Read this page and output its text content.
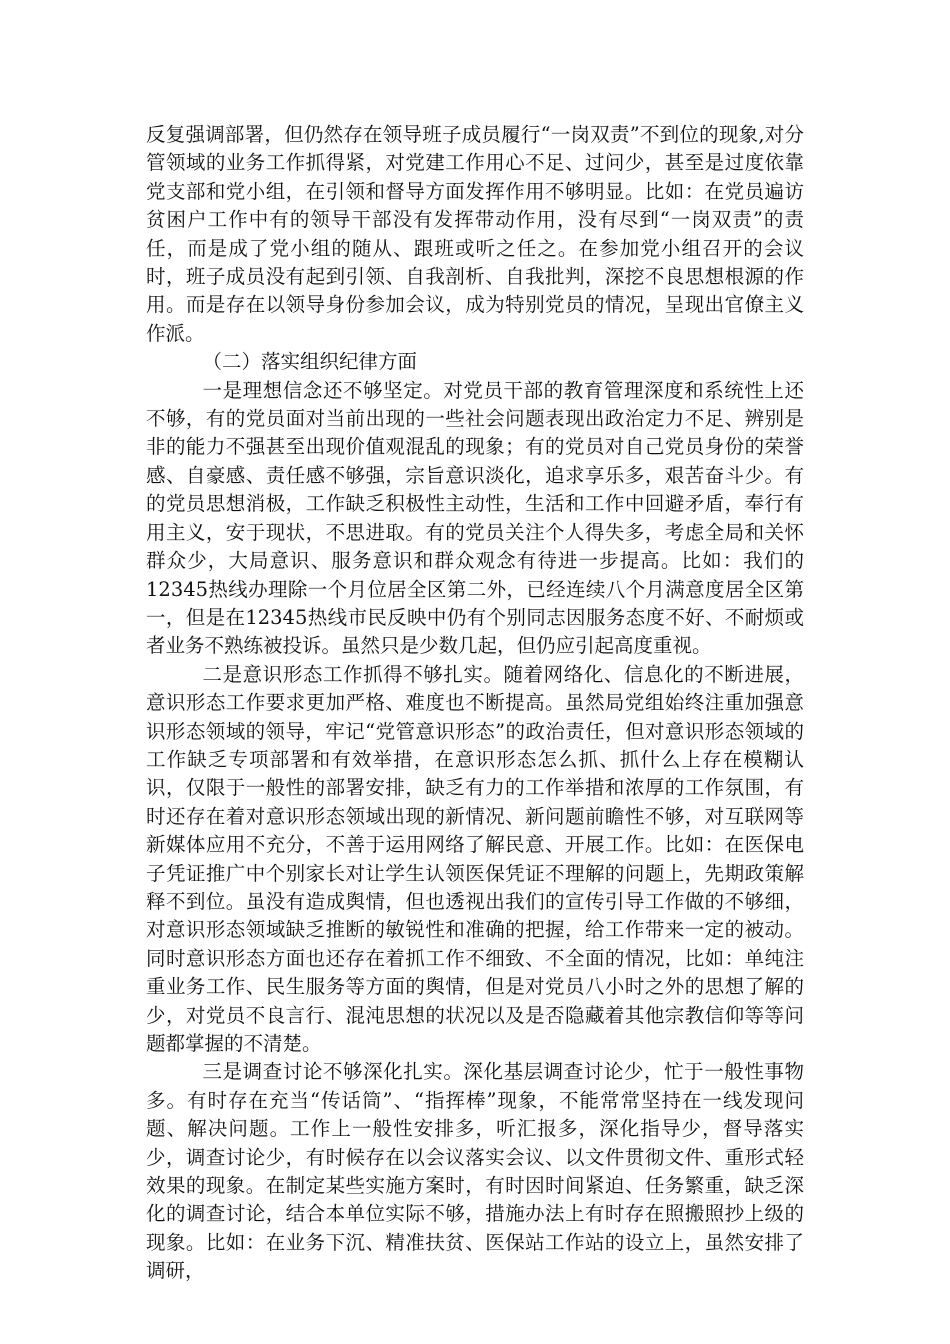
反复强调部署，但仍然存在领导班子成员履行“一岗双责”不到位的现象,对分管领域的业务工作抓得紧，对党建工作用心不足、过问少，甚至是过度依靠党支部和党小组，在引领和督导方面发挥作用不够明显。比如：在党员遍访贫困户工作中有的领导干部没有发挥带动作用，没有尽到“一岗双责”的责任，而是成了党小组的随从、跟班或听之任之。在参加党小组召开的会议时，班子成员没有起到引领、自我剖析、自我批判，深挖不良思想根源的作用。而是存在以领导身份参加会议，成为特别党员的情况，呈现出官僚主义作派。

（二）落实组织纪律方面

一是理想信念还不够坚定。对党员干部的教育管理深度和系统性上还不够，有的党员面对当前出现的一些社会问题表现出政治定力不足、辨别是非的能力不强甚至出现价值观混乱的现象；有的党员对自己党员身份的荣誉感、自豪感、责任感不够强，宗旨意识淡化，追求享乐多，艰苦奋斗少。有的党员思想消极，工作缺乏积极性主动性，生活和工作中回避矛盾，奉行有用主义，安于现状，不思进取。有的党员关注个人得失多，考虑全局和关怀群众少，大局意识、服务意识和群众观念有待进一步提高。比如：我们的12345热线办理除一个月位居全区第二外，已经连续八个月满意度居全区第一，但是在12345热线市民反映中仍有个别同志因服务态度不好、不耐烦或者业务不熟练被投诉。虽然只是少数几起，但仍应引起高度重视。

二是意识形态工作抓得不够扎实。随着网络化、信息化的不断进展，意识形态工作要求更加严格、难度也不断提高。虽然局党组始终注重加强意识形态领域的领导，牢记“党管意识形态”的政治责任，但对意识形态领域的工作缺乏专项部署和有效举措，在意识形态怎么抓、抓什么上存在模糊认识，仅限于一般性的部署安排，缺乏有力的工作举措和浓厚的工作氛围，有时还存在着对意识形态领域出现的新情况、新问题前瞻性不够，对互联网等新媒体应用不充分，不善于运用网络了解民意、开展工作。比如：在医保电子凭证推广中个别家长对让学生认领医保凭证不理解的问题上，先期政策解释不到位。虽没有造成舆情，但也透视出我们的宣传引导工作做的不够细，对意识形态领域缺乏推断的敏锐性和准确的把握，给工作带来一定的被动。同时意识形态方面也还存在着抓工作不细致、不全面的情况，比如：单纯注重业务工作、民生服务等方面的舆情，但是对党员八小时之外的思想了解的少，对党员不良言行、混沌思想的状况以及是否隐藏着其他宗教信仰等等问题都掌握的不清楚。

三是调查讨论不够深化扎实。深化基层调查讨论少，忙于一般性事物多。有时存在充当“传话筒”、“指挥棒”现象，不能常常坚持在一线发现问题、解决问题。工作上一般性安排多，听汇报多，深化指导少，督导落实少，调查讨论少，有时候存在以会议落实会议、以文件贯彻文件、重形式轻效果的现象。在制定某些实施方案时，有时因时间紧迫、任务繁重，缺乏深化的调查讨论，结合本单位实际不够，措施办法上有时存在照搬照抄上级的现象。比如：在业务下沉、精准扶贫、医保站工作站的设立上，虽然安排了调研，
